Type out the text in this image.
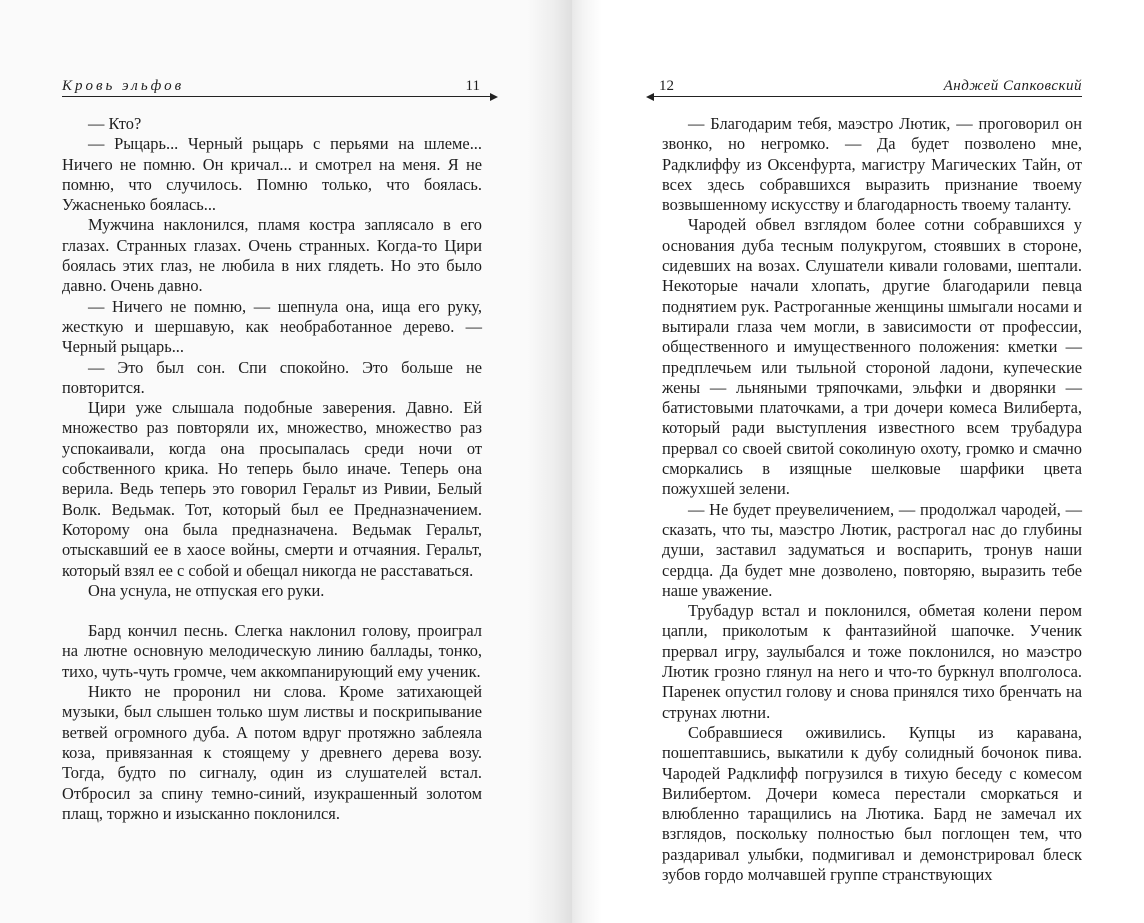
Кровь эльфов	11

— Кто?

— Рыцарь... Черный рыцарь с перьями на шлеме... Ничего не помню. Он кричал... и смотрел на меня. Я не помню, что случилось. Помню только, что боялась. Ужасненько боялась...

Мужчина наклонился, пламя костра заплясало в его глазах. Странных глазах. Очень странных. Когда-то Цири боялась этих глаз, не любила в них глядеть. Но это было давно. Очень давно.

— Ничего не помню, — шепнула она, ища его руку, жесткую и шершавую, как необработанное дерево. — Черный рыцарь...

— Это был сон. Спи спокойно. Это больше не повторится.

Цири уже слышала подобные заверения. Давно. Ей множество раз повторяли их, множество, множество раз успокаивали, когда она просыпалась среди ночи от собственного крика. Но теперь было иначе. Теперь она верила. Ведь теперь это говорил Геральт из Ривии, Белый Волк. Ведьмак. Тот, который был ее Предназначением. Которому она была предназначена. Ведьмак Геральт, отыскавший ее в хаосе войны, смерти и отчаяния. Геральт, который взял ее с собой и обещал никогда не расставаться.

Она уснула, не отпуская его руки.

Бард кончил песнь. Слегка наклонил голову, проиграл на лютне основную мелодическую линию баллады, тонко, тихо, чуть-чуть громче, чем аккомпанирующий ему ученик.

Никто не проронил ни слова. Кроме затихающей музыки, был слышен только шум листвы и поскрипывание ветвей огромного дуба. А потом вдруг протяжно заблеяла коза, привязанная к стоящему у древнего дерева возу. Тогда, будто по сигналу, один из слушателей встал. Отбросил за спину темно-синий, изукрашенный золотом плащ, торжно и изысканно поклонился.

12	Анджей Сапковский

— Благодарим тебя, маэстро Лютик, — проговорил он звонко, но негромко. — Да будет позволено мне, Радклиффу из Оксенфурта, магистру Магических Тайн, от всех здесь собравшихся выразить признание твоему возвышенному искусству и благодарность твоему таланту.

Чародей обвел взглядом более сотни собравшихся у основания дуба тесным полукругом, стоявших в стороне, сидевших на возах. Слушатели кивали головами, шептали. Некоторые начали хлопать, другие благодарили певца поднятием рук. Растроганные женщины шмыгали носами и вытирали глаза чем могли, в зависимости от профессии, общественного и имущественного положения: кметки — предплечьем или тыльной стороной ладони, купеческие жены — льняными тряпочками, эльфки и дворянки — батистовыми платочками, а три дочери комеса Вилиберта, который ради выступления известного всем трубадура прервал со своей свитой соколиную охоту, громко и смачно сморкались в изящные шелковые шарфики цвета пожухшей зелени.

— Не будет преувеличением, — продолжал чародей, — сказать, что ты, маэстро Лютик, растрогал нас до глубины души, заставил задуматься и воспарить, тронув наши сердца. Да будет мне дозволено, повторяю, выразить тебе наше уважение.

Трубадур встал и поклонился, обметая колени пером цапли, приколотым к фантазийной шапочке. Ученик прервал игру, заулыбался и тоже поклонился, но маэстро Лютик грозно глянул на него и что-то буркнул вполголоса. Паренек опустил голову и снова принялся тихо бренчать на струнах лютни.

Собравшиеся оживились. Купцы из каравана, пошептавшись, выкатили к дубу солидный бочонок пива. Чародей Радклифф погрузился в тихую беседу с комесом Вилибертом. Дочери комеса перестали сморкаться и влюбленно таращились на Лютика. Бард не замечал их взглядов, поскольку полностью был поглощен тем, что раздаривал улыбки, подмигивал и демонстрировал блеск зубов гордо молчавшей группе странствующих
